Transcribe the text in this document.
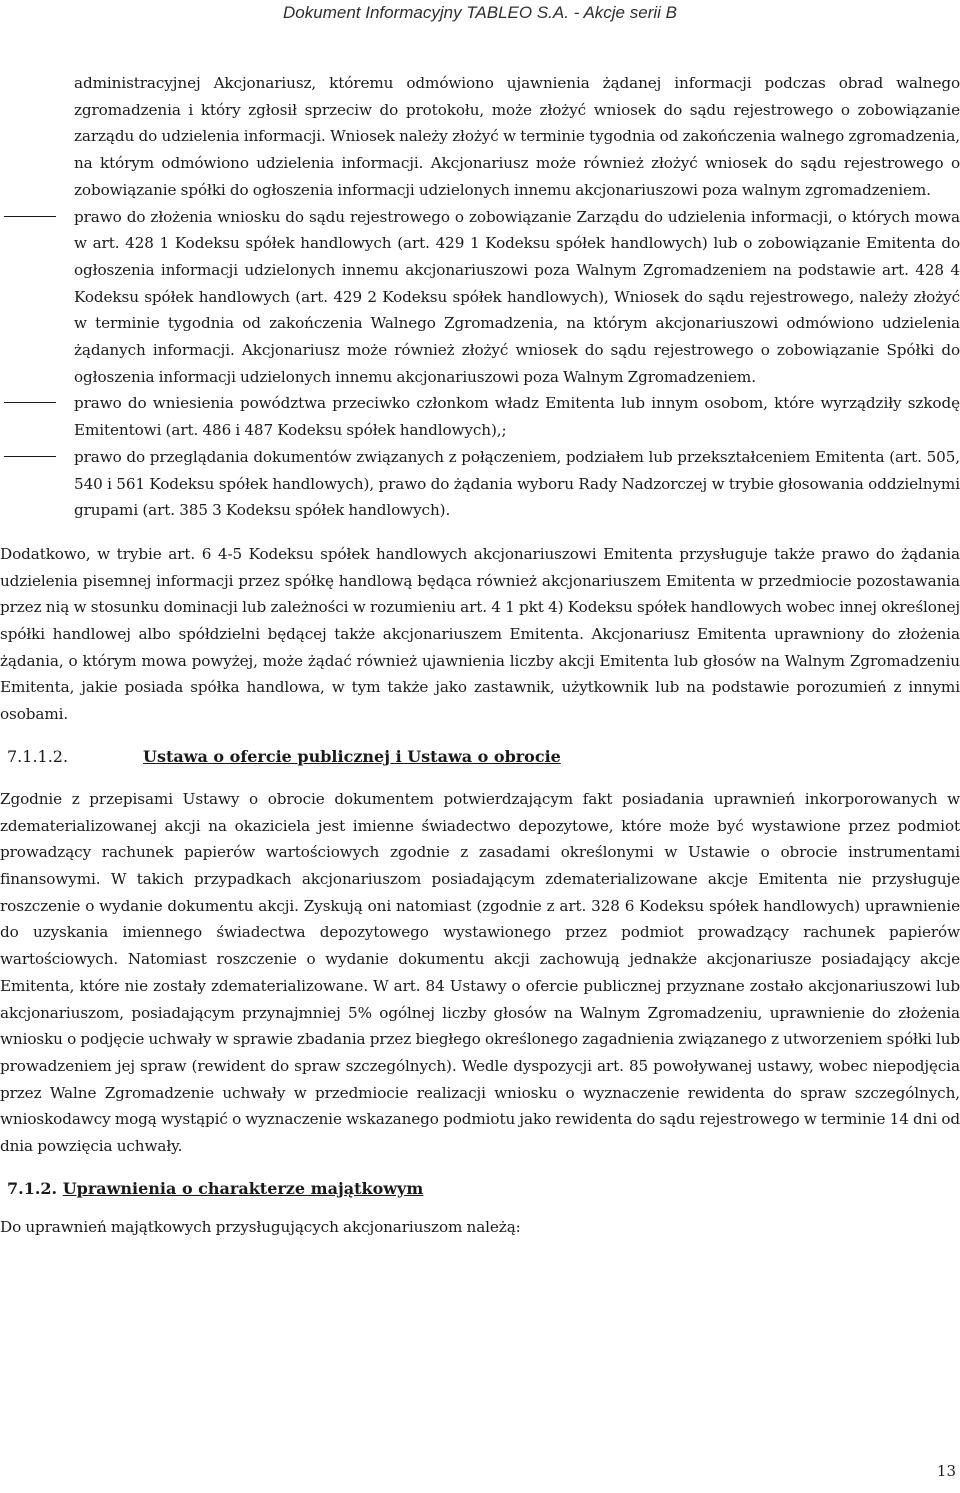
Dokument Informacyjny TABLEO S.A. - Akcje serii B

administracyjnej Akcjonariusz, któremu odmówiono ujawnienia żądanej informacji podczas obrad walnego zgromadzenia i który zgłosił sprzeciw do protokołu, może złożyć wniosek do sądu rejestrowego o zobowiązanie zarządu do udzielenia informacji. Wniosek należy złożyć w terminie tygodnia od zakończenia walnego zgromadzenia, na którym odmówiono udzielenia informacji. Akcjonariusz może również złożyć wniosek do sądu rejestrowego o zobowiązanie spółki do ogłoszenia informacji udzielonych innemu akcjonariuszowi poza walnym zgromadzeniem.

prawo do złożenia wniosku do sądu rejestrowego o zobowiązanie Zarządu do udzielenia informacji, o których mowa w art. 428 1 Kodeksu spółek handlowych (art. 429 1 Kodeksu spółek handlowych) lub o zobowiązanie Emitenta do ogłoszenia informacji udzielonych innemu akcjonariuszowi poza Walnym Zgromadzeniem na podstawie art. 428 4 Kodeksu spółek handlowych (art. 429 2 Kodeksu spółek handlowych), Wniosek do sądu rejestrowego, należy złożyć w terminie tygodnia od zakończenia Walnego Zgromadzenia, na którym akcjonariuszowi odmówiono udzielenia żądanych informacji. Akcjonariusz może również złożyć wniosek do sądu rejestrowego o zobowiązanie Spółki do ogłoszenia informacji udzielonych innemu akcjonariuszowi poza Walnym Zgromadzeniem.

prawo do wniesienia powództwa przeciwko członkom władz Emitenta lub innym osobom, które wyrządziły szkodę Emitentowi (art. 486 i 487 Kodeksu spółek handlowych),;

prawo do przeglądania dokumentów związanych z połączeniem, podziałem lub przekształceniem Emitenta (art. 505, 540 i 561 Kodeksu spółek handlowych), prawo do żądania wyboru Rady Nadzorczej w trybie głosowania oddzielnymi grupami (art. 385 3 Kodeksu spółek handlowych).

Dodatkowo, w trybie art. 6 4-5 Kodeksu spółek handlowych akcjonariuszowi Emitenta przysługuje także prawo do żądania udzielenia pisemnej informacji przez spółkę handlową będąca również akcjonariuszem Emitenta w przedmiocie pozostawania przez nią w stosunku dominacji lub zależności w rozumieniu art. 4 1 pkt 4) Kodeksu spółek handlowych wobec innej określonej spółki handlowej albo spółdzielni będącej także akcjonariuszem Emitenta. Akcjonariusz Emitenta uprawniony do złożenia żądania, o którym mowa powyżej, może żądać również ujawnienia liczby akcji Emitenta lub głosów na Walnym Zgromadzeniu Emitenta, jakie posiada spółka handlowa, w tym także jako zastawnik, użytkownik lub na podstawie porozumień z innymi osobami.

7.1.1.2.	Ustawa o ofercie publicznej i Ustawa o obrocie

Zgodnie z przepisami Ustawy o obrocie dokumentem potwierdzającym fakt posiadania uprawnień inkorporowanych w zdematerializowanej akcji na okaziciela jest imienne świadectwo depozytowe, które może być wystawione przez podmiot prowadzący rachunek papierów wartościowych zgodnie z zasadami określonymi w Ustawie o obrocie instrumentami finansowymi. W takich przypadkach akcjonariuszom posiadającym zdematerializowane akcje Emitenta nie przysługuje roszczenie o wydanie dokumentu akcji. Zyskują oni natomiast (zgodnie z art. 328 6 Kodeksu spółek handlowych) uprawnienie do uzyskania imiennego świadectwa depozytowego wystawionego przez podmiot prowadzący rachunek papierów wartościowych. Natomiast roszczenie o wydanie dokumentu akcji zachowują jednakże akcjonariusze posiadający akcje Emitenta, które nie zostały zdematerializowane. W art. 84 Ustawy o ofercie publicznej przyznane zostało akcjonariuszowi lub akcjonariuszom, posiadającym przynajmniej 5% ogólnej liczby głosów na Walnym Zgromadzeniu, uprawnienie do złożenia wniosku o podjęcie uchwały w sprawie zbadania przez biegłego określonego zagadnienia związanego z utworzeniem spółki lub prowadzeniem jej spraw (rewident do spraw szczególnych). Wedle dyspozycji art. 85 powoływanej ustawy, wobec niepodjęcia przez Walne Zgromadzenie uchwały w przedmiocie realizacji wniosku o wyznaczenie rewidenta do spraw szczególnych, wnioskodawcy mogą wystąpić o wyznaczenie wskazanego podmiotu jako rewidenta do sądu rejestrowego w terminie 14 dni od dnia powzięcia uchwały.

7.1.2. Uprawnienia o charakterze majątkowym

Do uprawnień majątkowych przysługujących akcjonariuszom należą:

13
